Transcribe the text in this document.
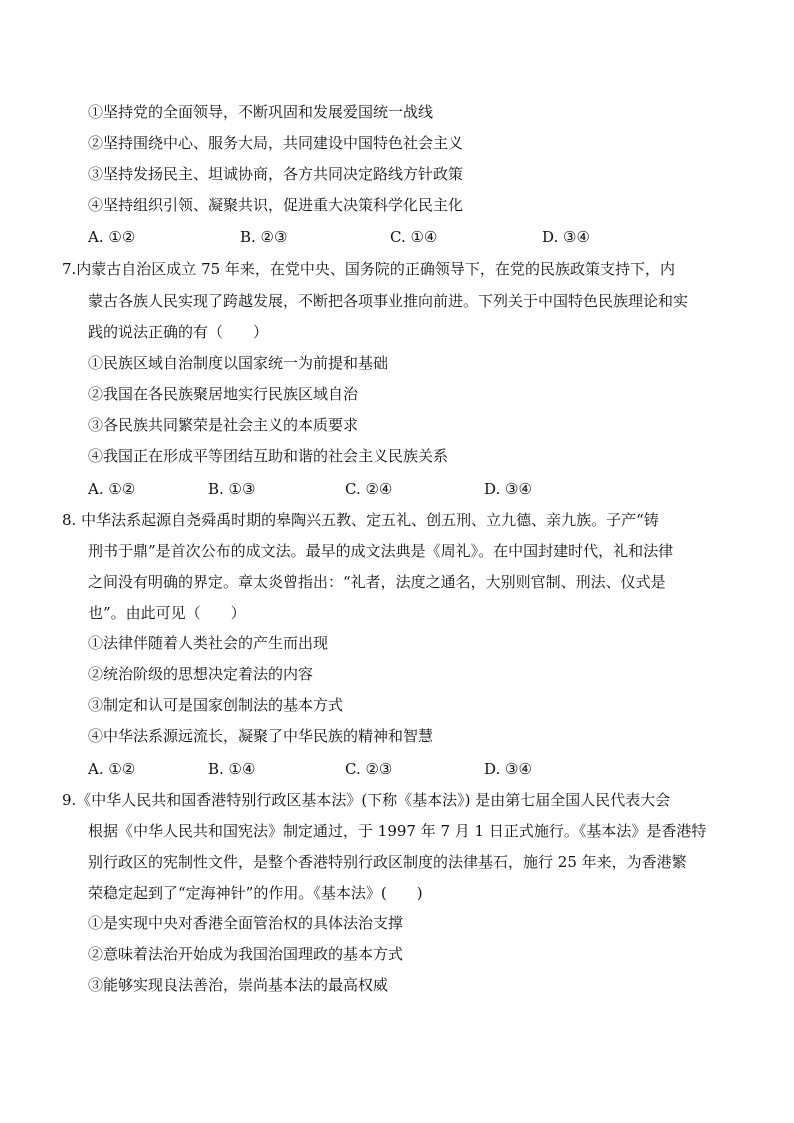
①坚持党的全面领导，不断巩固和发展爱国统一战线
②坚持围绕中心、服务大局，共同建设中国特色社会主义
③坚持发扬民主、坦诚协商，各方共同决定路线方针政策
④坚持组织引领、凝聚共识，促进重大决策科学化民主化
A. ①②	B. ②③	C. ①④	D. ③④
7.内蒙古自治区成立 75 年来，在党中央、国务院的正确领导下，在党的民族政策支持下，内
蒙古各族人民实现了跨越发展，不断把各项事业推向前进。下列关于中国特色民族理论和实
践的说法正确的有（　　）
①民族区域自治制度以国家统一为前提和基础
②我国在各民族聚居地实行民族区域自治
③各民族共同繁荣是社会主义的本质要求
④我国正在形成平等团结互助和谐的社会主义民族关系
A. ①②	B. ①③	C. ②④	D. ③④
8. 中华法系起源自尧舜禹时期的皋陶兴五教、定五礼、创五刑、立九德、亲九族。子产“铸
刑书于鼎”是首次公布的成文法。最早的成文法典是《周礼》。在中国封建时代，礼和法律
之间没有明确的界定。章太炎曾指出：“礼者，法度之通名，大别则官制、刑法、仪式是
也”。由此可见（　　）
①法律伴随着人类社会的产生而出现
②统治阶级的思想决定着法的内容
③制定和认可是国家创制法的基本方式
④中华法系源远流长，凝聚了中华民族的精神和智慧
A. ①②	B. ①④	C. ②③	D. ③④
9.《中华人民共和国香港特别行政区基本法》(下称《基本法》) 是由第七届全国人民代表大会
根据《中华人民共和国宪法》制定通过，于 1997 年 7 月 1 日正式施行。《基本法》是香港特
别行政区的宪制性文件，是整个香港特别行政区制度的法律基石，施行 25 年来，为香港繁
荣稳定起到了“定海神针”的作用。《基本法》(　　)
①是实现中央对香港全面管治权的具体法治支撑
②意味着法治开始成为我国治国理政的基本方式
③能够实现良法善治，崇尚基本法的最高权威
